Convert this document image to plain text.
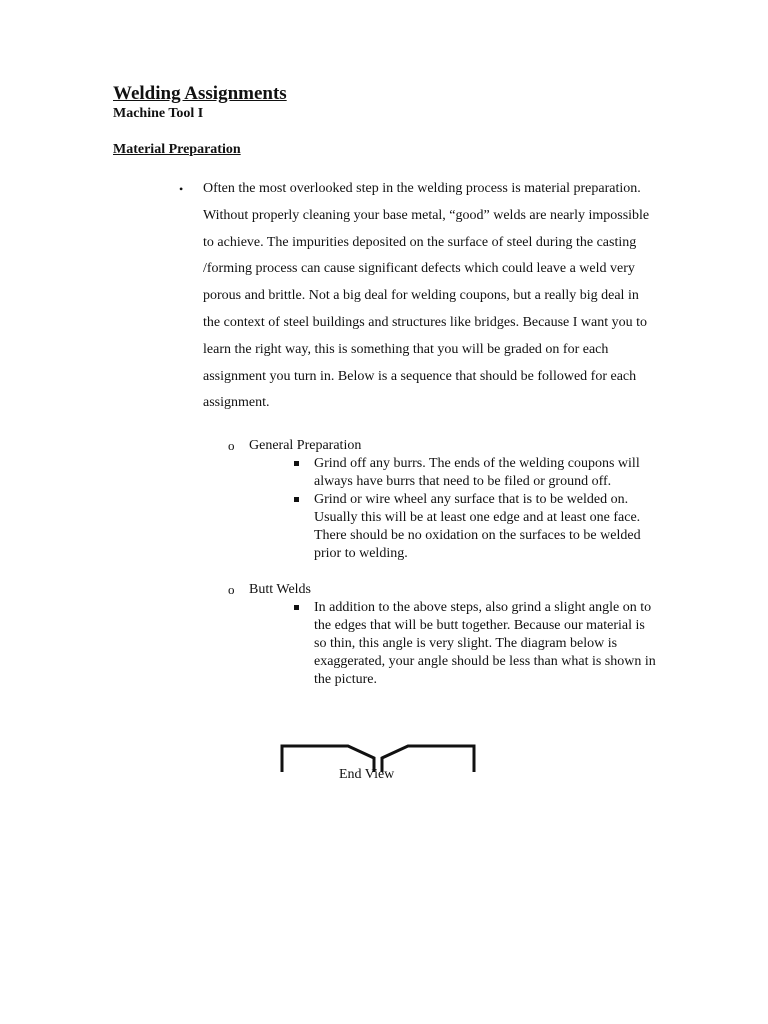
Welding Assignments
Machine Tool I
Material Preparation
• Often the most overlooked step in the welding process is material preparation. Without properly cleaning your base metal, “good” welds are nearly impossible to achieve. The impurities deposited on the surface of steel during the casting /forming process can cause significant defects which could leave a weld very porous and brittle. Not a big deal for welding coupons, but a really big deal in the context of steel buildings and structures like bridges. Because I want you to learn the right way, this is something that you will be graded on for each assignment you turn in. Below is a sequence that should be followed for each assignment.
o General Preparation
Grind off any burrs. The ends of the welding coupons will always have burrs that need to be filed or ground off.
Grind or wire wheel any surface that is to be welded on. Usually this will be at least one edge and at least one face. There should be no oxidation on the surfaces to be welded prior to welding.
o Butt Welds
In addition to the above steps, also grind a slight angle on to the edges that will be butt together. Because our material is so thin, this angle is very slight. The diagram below is exaggerated, your angle should be less than what is shown in the picture.
End View
